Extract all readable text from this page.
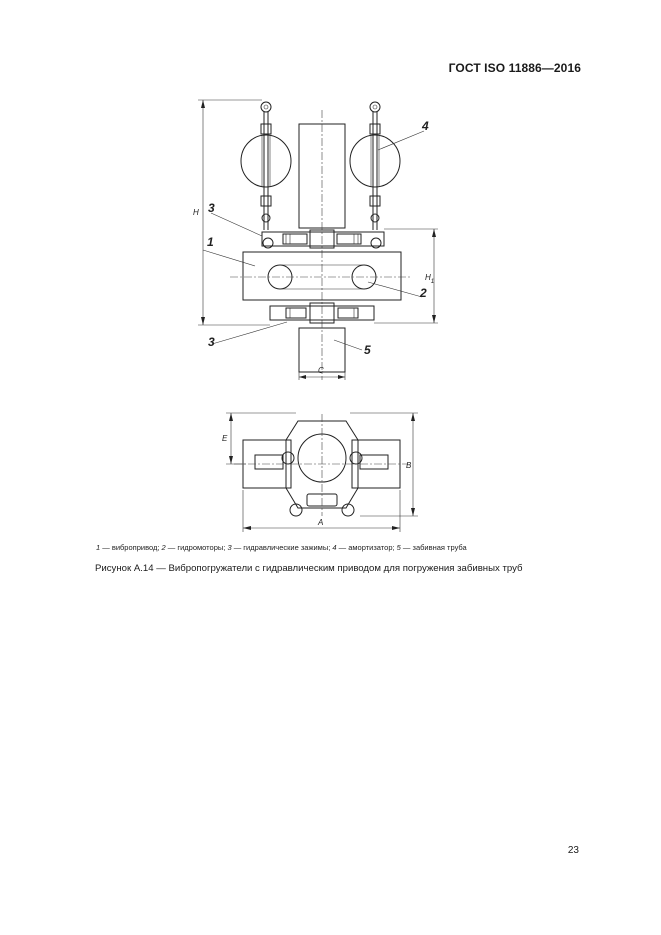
ГОСТ ISO 11886—2016
H
$H_1$
C
1
2
3
3
4
5
E
B
A
1 — вибропривод; 2 — гидромоторы; 3 — гидравлические зажимы; 4 — амортизатор; 5 — забивная труба
Рисунок А.14 — Вибропогружатели с гидравлическим приводом для погружения забивных труб
23
